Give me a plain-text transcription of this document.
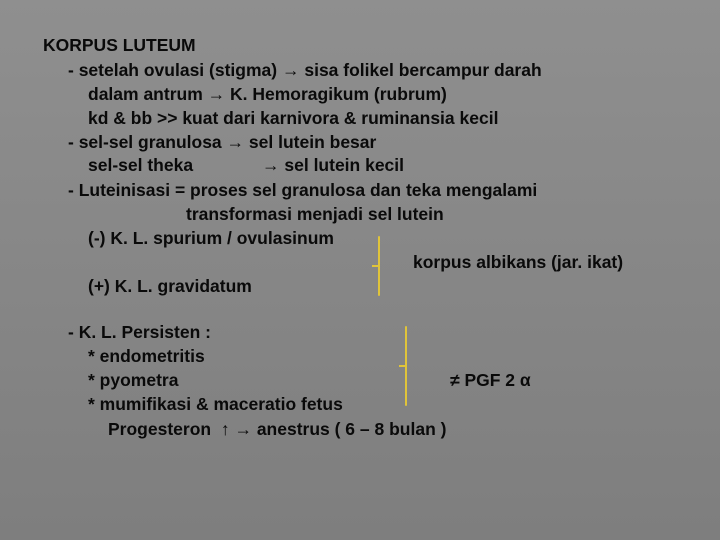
KORPUS LUTEUM
- setelah ovulasi (stigma) → sisa folikel bercampur darah
dalam antrum → K. Hemoragikum (rubrum)
kd & bb >> kuat dari karnivora & ruminansia kecil
- sel-sel granulosa → sel lutein besar
sel-sel theka →	sel lutein kecil
- Luteinisasi = proses sel granulosa dan teka mengalami
transformasi menjadi sel lutein
(-) K. L. spurium / ovulasinum
korpus albikans (jar. ikat)
(+) K. L. gravidatum
- K. L. Persisten :
* endometritis
* pyometra	≠ PGF 2 α
* mumifikasi & maceratio fetus
Progesteron ↑ → anestrus ( 6 – 8 bulan )
